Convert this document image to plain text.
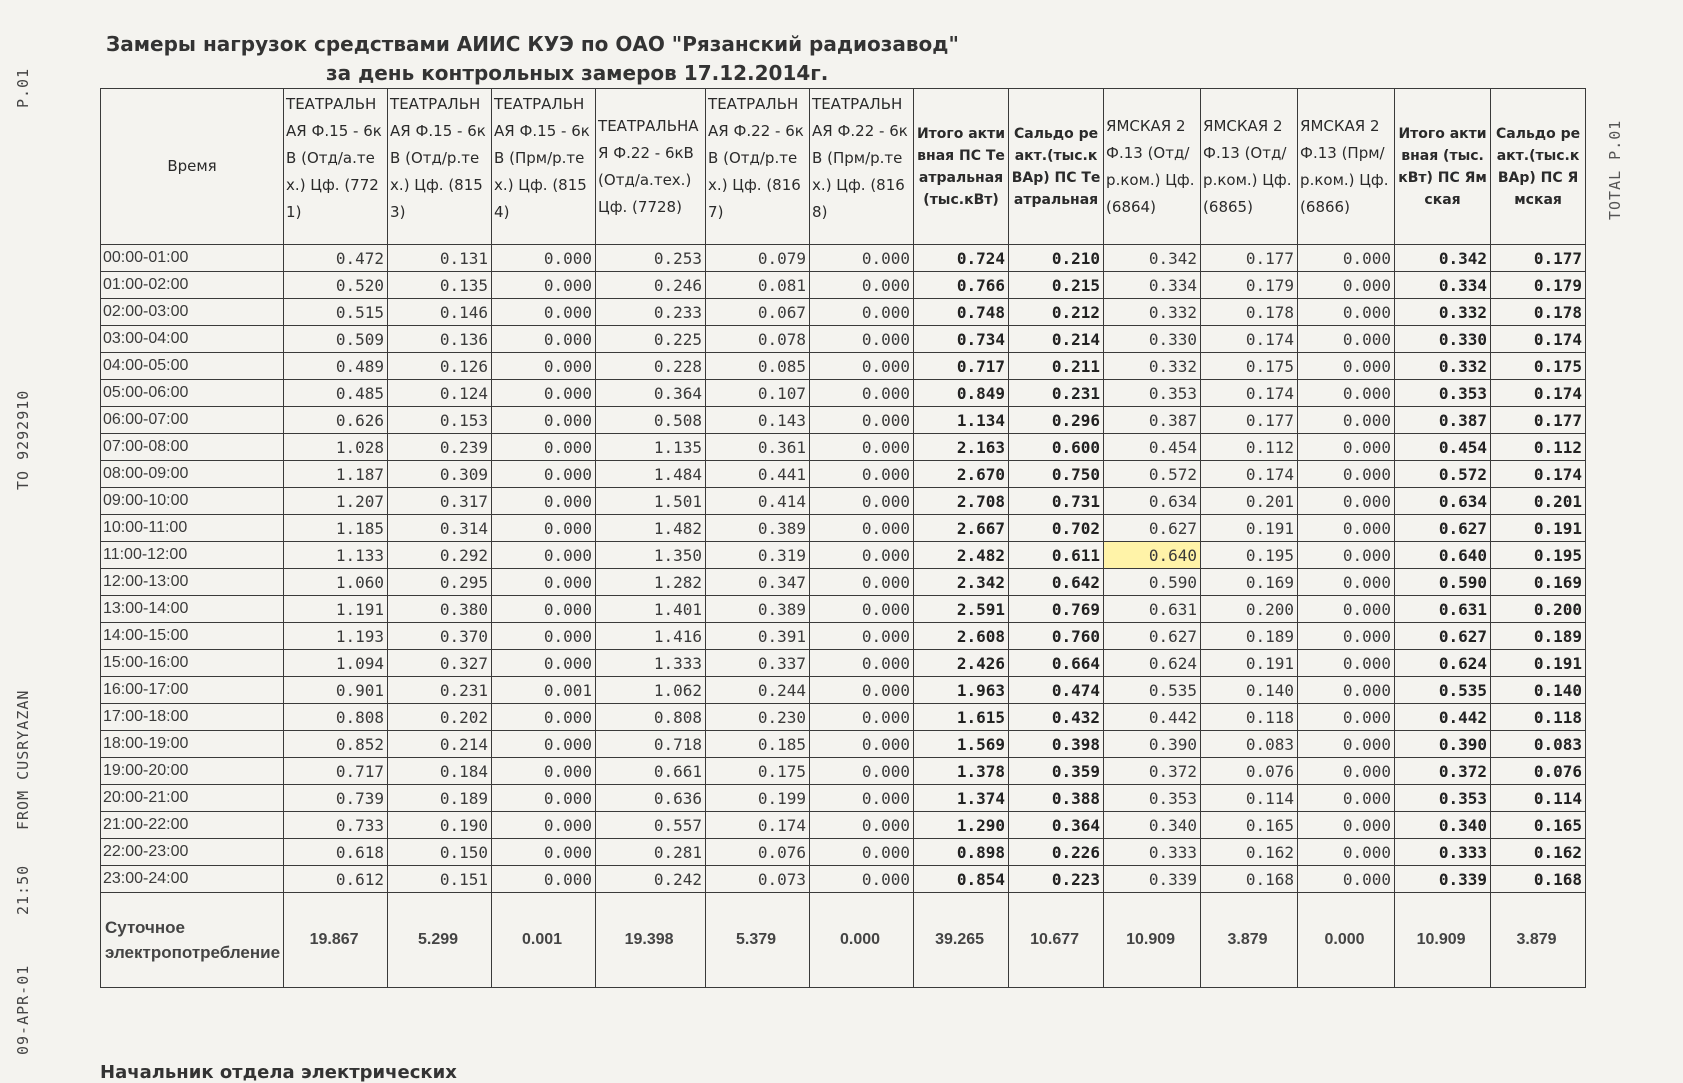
P.01
TO 9292910
FROM CUSRYAZAN
21:50
09-APR-01
TOTAL P.01
Замеры нагрузок средствами АИИС КУЭ по ОАО "Рязанский радиозавод"
за день контрольных замеров 17.12.2014г.
Время	ТЕАТРАЛЬНАЯ Ф.15 - 6кВ (Отд/а.тех.) Цф. (7721)	ТЕАТРАЛЬНАЯ Ф.15 - 6кВ (Отд/р.тех.) Цф. (8153)	ТЕАТРАЛЬНАЯ Ф.15 - 6кВ (Прм/р.тех.) Цф. (8154)	ТЕАТРАЛЬНАЯ Ф.22 - 6кВ (Отд/а.тех.) Цф. (7728)	ТЕАТРАЛЬНАЯ Ф.22 - 6кВ (Отд/р.тех.) Цф. (8167)	ТЕАТРАЛЬНАЯ Ф.22 - 6кВ (Прм/р.тех.) Цф. (8168)	Итого активная ПС Театральная (тыс.кВт)	Сальдо реакт.(тыс.кВАр) ПС Театральная	ЯМСКАЯ 2 Ф.13 (Отд/р.ком.) Цф. (6864)	ЯМСКАЯ 2 Ф.13 (Отд/р.ком.) Цф. (6865)	ЯМСКАЯ 2 Ф.13 (Прм/р.ком.) Цф. (6866)	Итого активная (тыс.кВт) ПС Ямская	Сальдо реакт.(тыс.кВАр) ПС Ямская
00:00-01:00	0.472	0.131	0.000	0.253	0.079	0.000	0.724	0.210	0.342	0.177	0.000	0.342	0.177
01:00-02:00	0.520	0.135	0.000	0.246	0.081	0.000	0.766	0.215	0.334	0.179	0.000	0.334	0.179
02:00-03:00	0.515	0.146	0.000	0.233	0.067	0.000	0.748	0.212	0.332	0.178	0.000	0.332	0.178
03:00-04:00	0.509	0.136	0.000	0.225	0.078	0.000	0.734	0.214	0.330	0.174	0.000	0.330	0.174
04:00-05:00	0.489	0.126	0.000	0.228	0.085	0.000	0.717	0.211	0.332	0.175	0.000	0.332	0.175
05:00-06:00	0.485	0.124	0.000	0.364	0.107	0.000	0.849	0.231	0.353	0.174	0.000	0.353	0.174
06:00-07:00	0.626	0.153	0.000	0.508	0.143	0.000	1.134	0.296	0.387	0.177	0.000	0.387	0.177
07:00-08:00	1.028	0.239	0.000	1.135	0.361	0.000	2.163	0.600	0.454	0.112	0.000	0.454	0.112
08:00-09:00	1.187	0.309	0.000	1.484	0.441	0.000	2.670	0.750	0.572	0.174	0.000	0.572	0.174
09:00-10:00	1.207	0.317	0.000	1.501	0.414	0.000	2.708	0.731	0.634	0.201	0.000	0.634	0.201
10:00-11:00	1.185	0.314	0.000	1.482	0.389	0.000	2.667	0.702	0.627	0.191	0.000	0.627	0.191
11:00-12:00	1.133	0.292	0.000	1.350	0.319	0.000	2.482	0.611	0.640	0.195	0.000	0.640	0.195
12:00-13:00	1.060	0.295	0.000	1.282	0.347	0.000	2.342	0.642	0.590	0.169	0.000	0.590	0.169
13:00-14:00	1.191	0.380	0.000	1.401	0.389	0.000	2.591	0.769	0.631	0.200	0.000	0.631	0.200
14:00-15:00	1.193	0.370	0.000	1.416	0.391	0.000	2.608	0.760	0.627	0.189	0.000	0.627	0.189
15:00-16:00	1.094	0.327	0.000	1.333	0.337	0.000	2.426	0.664	0.624	0.191	0.000	0.624	0.191
16:00-17:00	0.901	0.231	0.001	1.062	0.244	0.000	1.963	0.474	0.535	0.140	0.000	0.535	0.140
17:00-18:00	0.808	0.202	0.000	0.808	0.230	0.000	1.615	0.432	0.442	0.118	0.000	0.442	0.118
18:00-19:00	0.852	0.214	0.000	0.718	0.185	0.000	1.569	0.398	0.390	0.083	0.000	0.390	0.083
19:00-20:00	0.717	0.184	0.000	0.661	0.175	0.000	1.378	0.359	0.372	0.076	0.000	0.372	0.076
20:00-21:00	0.739	0.189	0.000	0.636	0.199	0.000	1.374	0.388	0.353	0.114	0.000	0.353	0.114
21:00-22:00	0.733	0.190	0.000	0.557	0.174	0.000	1.290	0.364	0.340	0.165	0.000	0.340	0.165
22:00-23:00	0.618	0.150	0.000	0.281	0.076	0.000	0.898	0.226	0.333	0.162	0.000	0.333	0.162
23:00-24:00	0.612	0.151	0.000	0.242	0.073	0.000	0.854	0.223	0.339	0.168	0.000	0.339	0.168
Суточное электропотребление	19.867	5.299	0.001	19.398	5.379	0.000	39.265	10.677	10.909	3.879	0.000	10.909	3.879
Начальник отдела электрических
